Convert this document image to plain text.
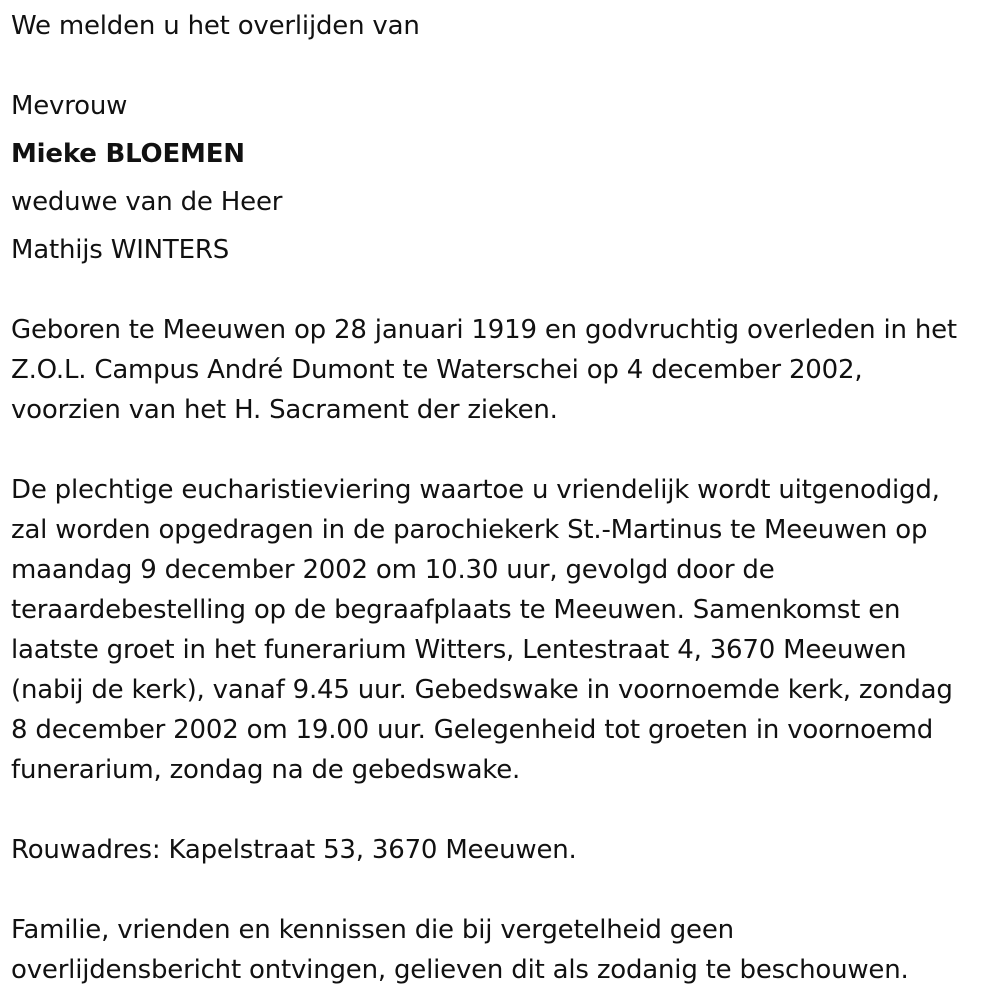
We melden u het overlijden van
Mevrouw
Mieke BLOEMEN
weduwe van de Heer
Mathijs WINTERS
Geboren te Meeuwen op 28 januari 1919 en godvruchtig overleden in het
Z.O.L. Campus André Dumont te Waterschei op 4 december 2002,
voorzien van het H. Sacrament der zieken.
De plechtige eucharistieviering waartoe u vriendelijk wordt uitgenodigd,
zal worden opgedragen in de parochiekerk St.-Martinus te Meeuwen op
maandag 9 december 2002 om 10.30 uur, gevolgd door de
teraardebestelling op de begraafplaats te Meeuwen. Samenkomst en
laatste groet in het funerarium Witters, Lentestraat 4, 3670 Meeuwen
(nabij de kerk), vanaf 9.45 uur. Gebedswake in voornoemde kerk, zondag
8 december 2002 om 19.00 uur. Gelegenheid tot groeten in voornoemd
funerarium, zondag na de gebedswake.
Rouwadres: Kapelstraat 53, 3670 Meeuwen.
Familie, vrienden en kennissen die bij vergetelheid geen
overlijdensbericht ontvingen, gelieven dit als zodanig te beschouwen.
